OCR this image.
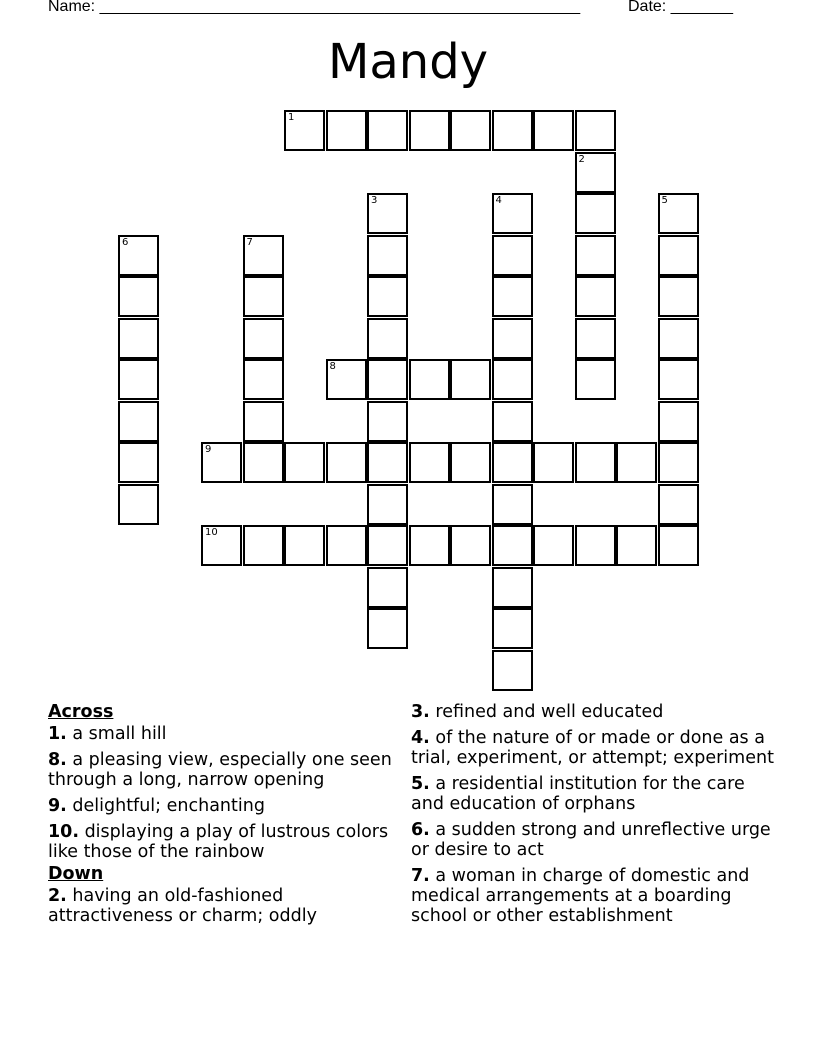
Name: ______________________________________________________	Date: _______
Mandy
1
2
3	4	5
6	7
8
9
10
Across
1. a small hill
8. a pleasing view, especially one seen through a long, narrow opening
9. delightful; enchanting
10. displaying a play of lustrous colors like those of the rainbow
Down
2. having an old-fashioned attractiveness or charm; oddly
3. refined and well educated
4. of the nature of or made or done as a trial, experiment, or attempt; experiment
5. a residential institution for the care and education of orphans
6. a sudden strong and unreflective urge or desire to act
7. a woman in charge of domestic and medical arrangements at a boarding school or other establishment
